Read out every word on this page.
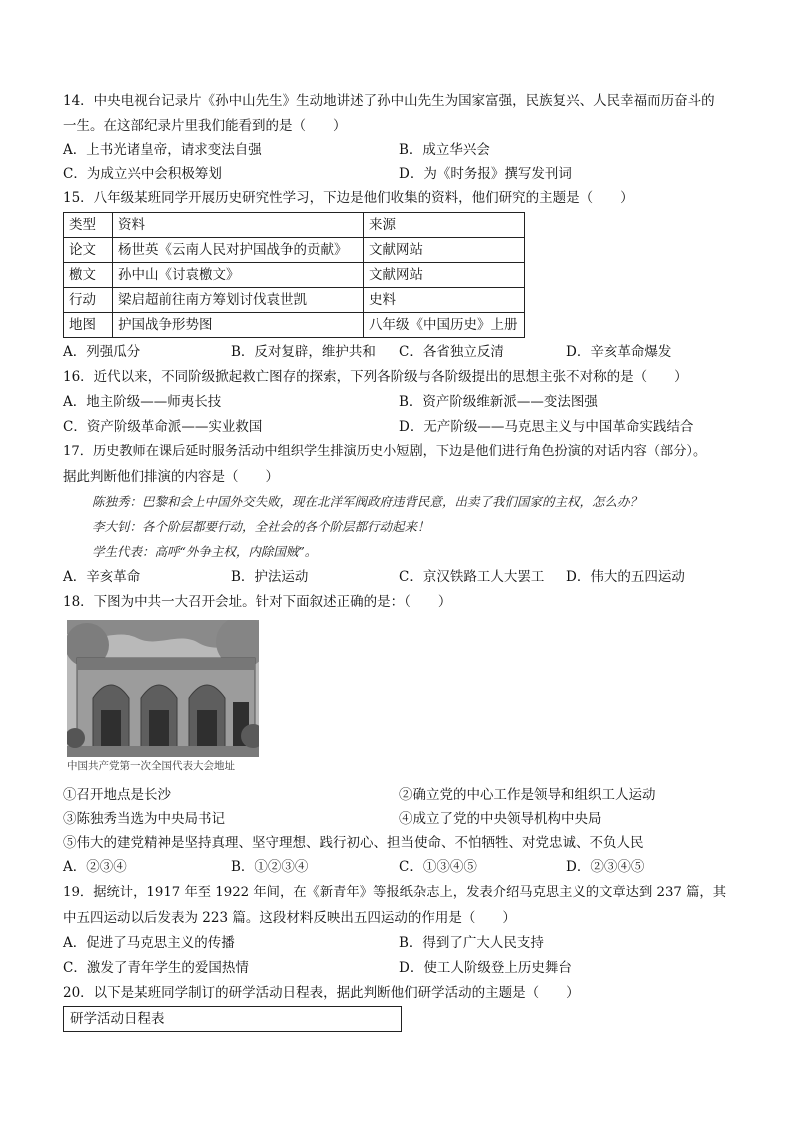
14．中央电视台记录片《孙中山先生》生动地讲述了孙中山先生为国家富强，民族复兴、人民幸福而历奋斗的
一生。在这部纪录片里我们能看到的是（　　）
A．上书光诸皇帝，请求变法自强	B．成立华兴会
C．为成立兴中会积极筹划	D．为《时务报》撰写发刊词
15．八年级某班同学开展历史研究性学习，下边是他们收集的资料，他们研究的主题是（　　）
类型	资料	来源
论文	杨世英《云南人民对护国战争的贡献》	文献网站
檄文	孙中山《讨袁檄文》	文献网站
行动	梁启超前往南方筹划讨伐袁世凯	史料
地图	护国战争形势图	八年级《中国历史》上册
A．列强瓜分	B．反对复辟，维护共和 C．各省独立反清	D．辛亥革命爆发
16．近代以来，不同阶级掀起救亡图存的探索，下列各阶级与各阶级提出的思想主张不对称的是（　　）
A．地主阶级——师夷长技	B．资产阶级维新派——变法图强
C．资产阶级革命派——实业救国	D．无产阶级——马克思主义与中国革命实践结合
17．历史教师在课后延时服务活动中组织学生排演历史小短剧，下边是他们进行角色扮演的对话内容（部分）。
据此判断他们排演的内容是（　　）
陈独秀：巴黎和会上中国外交失败，现在北洋军阀政府违背民意，出卖了我们国家的主权，怎么办？
李大钊：各个阶层都要行动，全社会的各个阶层都行动起来！
学生代表：高呼“外争主权，内除国贼”。
A．辛亥革命	B．护法运动	C．京汉铁路工人大罢工 D．伟大的五四运动
18．下图为中共一大召开会址。针对下面叙述正确的是：（　　）
中国共产党第一次全国代表大会地址
①召开地点是长沙	②确立党的中心工作是领导和组织工人运动
③陈独秀当选为中央局书记	④成立了党的中央领导机构中央局
⑤伟大的建党精神是坚持真理、坚守理想、践行初心、担当使命、不怕牺牲、对党忠诚、不负人民
A．②③④	B．①②③④	C．①③④⑤	D．②③④⑤
19．据统计，1917 年至 1922 年间，在《新青年》等报纸杂志上，发表介绍马克思主义的文章达到 237 篇，其
中五四运动以后发表为 223 篇。这段材料反映出五四运动的作用是（　　）
A．促进了马克思主义的传播	B．得到了广大人民支持
C．激发了青年学生的爱国热情	D．使工人阶级登上历史舞台
20．以下是某班同学制订的研学活动日程表，据此判断他们研学活动的主题是（　　）
研学活动日程表
